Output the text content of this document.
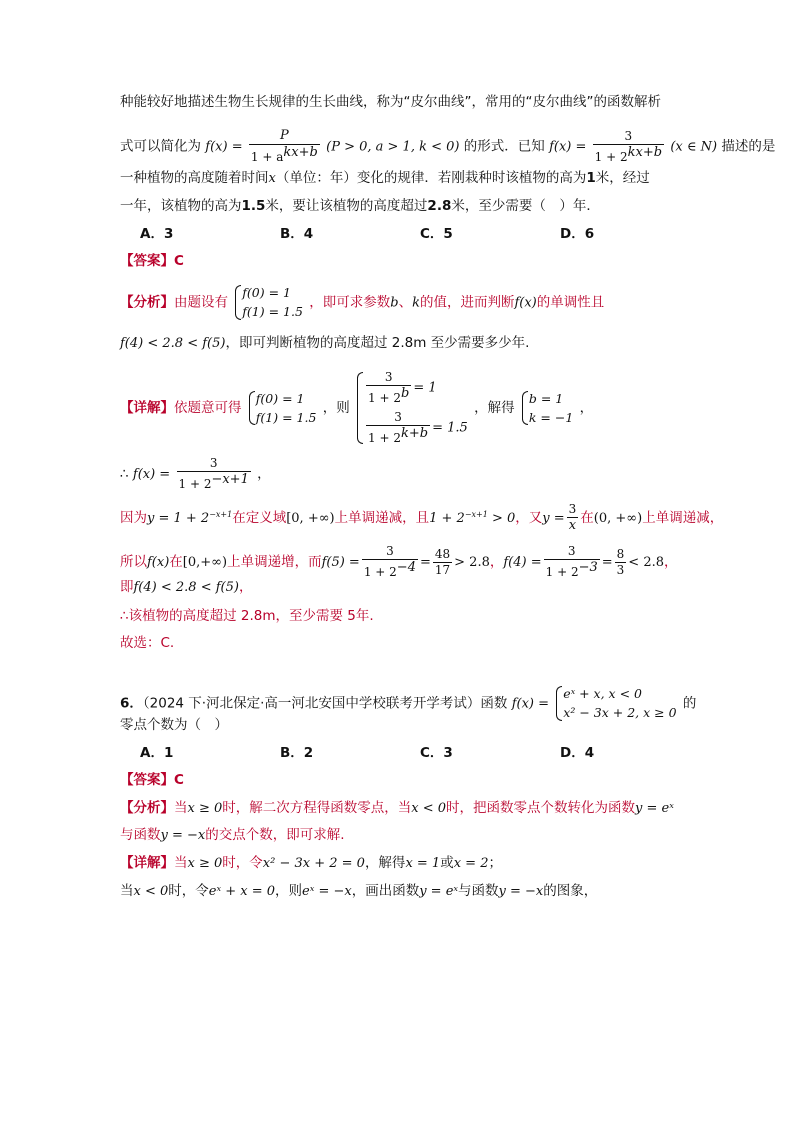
种能较好地描述生物生长规律的生长曲线，称为“皮尔曲线”，常用的“皮尔曲线”的函数解析
式可以简化为 $f(x) = \frac{P}{1 + a^{kx+b}} (P > 0$, a > 1, k < 0) 的形式．已知 $f(x) = \frac{3}{1 + 2^{kx+b}} (x$ ∈ N) 描述的是
一种植物的高度随着时间x（单位：年）变化的规律．若刚栽种时该植物的高为1米，经过
一年，该植物的高为1.5米，要让该植物的高度超过2.8米，至少需要（　）年．
A．3	B．4	C．5	D．6
【答案】C
【分析】由题设有
f(0) = 1
f(1) = 1.5
，即可求参数b、k的值，进而判断f(x)的单调性且
f(4) < 2.8 < f(5)，即可判断植物的高度超过 2.8m 至少需要多少年.
【详解】依题意可得
f(0) = 1
f(1) = 1.5
，则
$\frac{3}{1 + 2^b} = 1$
$\frac{3}{1 + 2^{k+b}} = 1.5$
，解得
b = 1
k = −1
，
∴ $f(x) = \frac{3}{1 + 2^{-x+1}}$ ，
因为$y = 1 + 2^{-x+1}$在定义域[0, +∞)上单调递减，且$1 + 2^{-x+1} > 0$，又$y = \frac{3}{x}$ 在(0, +∞)上单调递减，
所以f(x)在[0,+∞)上单调递增，而$f(5) = \frac{3}{1 + 2^{-4}} = \frac{48}{17} > 2.8$，$f(4) = \frac{3}{1 + 2^{-3}} = \frac{8}{3} < 2.8$，
即f(4) < 2.8 < f(5)，
∴该植物的高度超过 2.8m，至少需要 5年.
故选：C.
6．（2024 下·河北保定·高一河北安国中学校联考开学考试）函数 f(x) =
eˣ + x, x < 0
x² − 3x + 2, x ≥ 0
的
零点个数为（　）
A．1	B．2	C．3	D．4
【答案】C
【分析】当x ≥ 0时，解二次方程得函数零点，当x < 0时，把函数零点个数转化为函数y = eˣ
与函数y = −x的交点个数，即可求解.
【详解】当x ≥ 0时，令x² − 3x + 2 = 0，解得x = 1或x = 2；
当x < 0时，令eˣ + x = 0，则eˣ = −x，画出函数y = eˣ与函数y = −x的图象，
